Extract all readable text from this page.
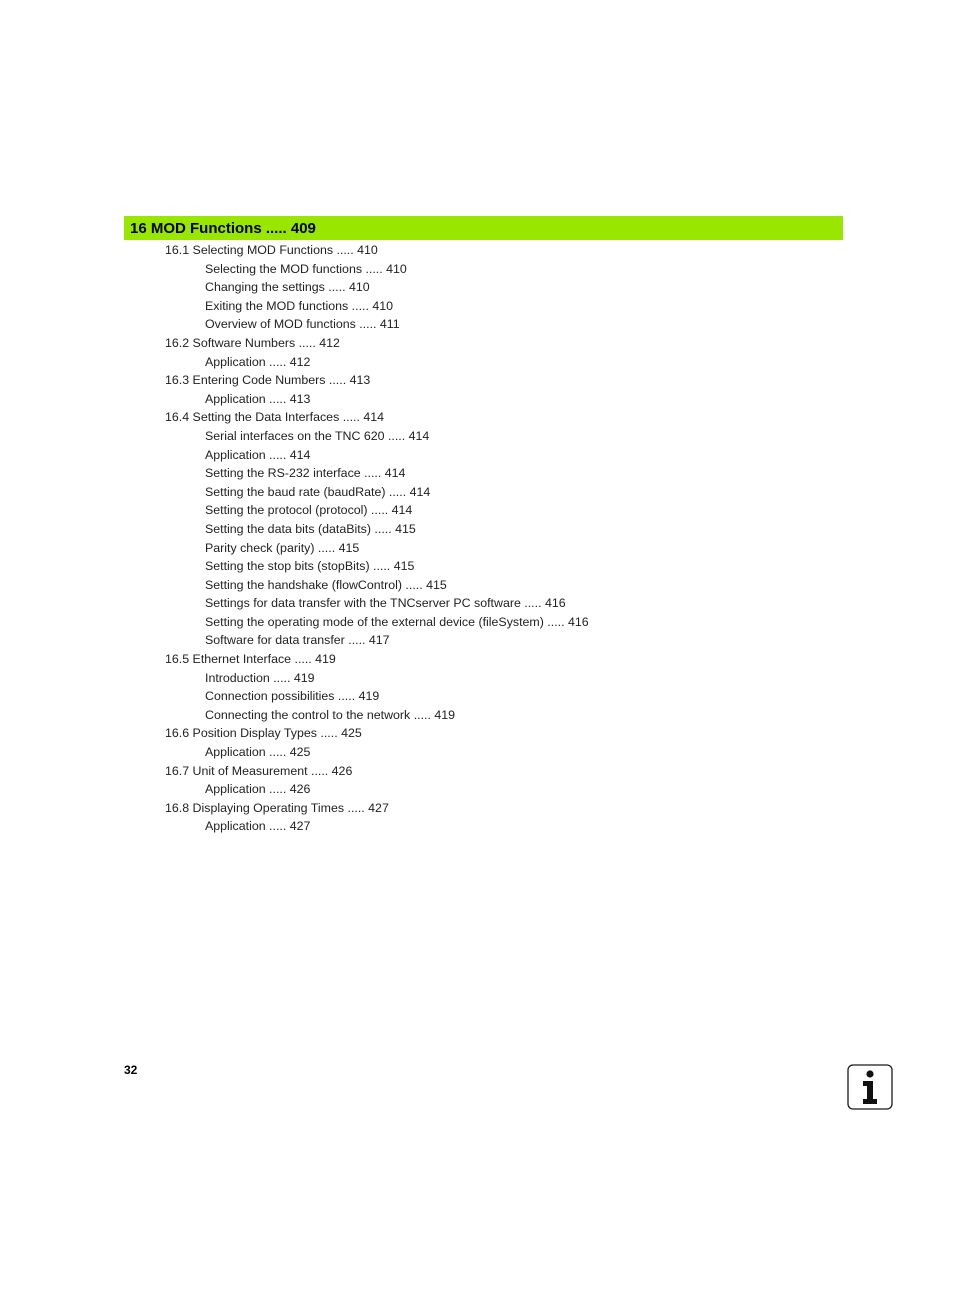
16 MOD Functions ..... 409
16.1 Selecting MOD Functions ..... 410
Selecting the MOD functions ..... 410
Changing the settings ..... 410
Exiting the MOD functions ..... 410
Overview of MOD functions ..... 411
16.2 Software Numbers ..... 412
Application ..... 412
16.3 Entering Code Numbers ..... 413
Application ..... 413
16.4 Setting the Data Interfaces ..... 414
Serial interfaces on the TNC 620 ..... 414
Application ..... 414
Setting the RS-232 interface ..... 414
Setting the baud rate (baudRate) ..... 414
Setting the protocol (protocol) ..... 414
Setting the data bits (dataBits) ..... 415
Parity check (parity) ..... 415
Setting the stop bits (stopBits) ..... 415
Setting the handshake (flowControl) ..... 415
Settings for data transfer with the TNCserver PC software ..... 416
Setting the operating mode of the external device (fileSystem) ..... 416
Software for data transfer ..... 417
16.5 Ethernet Interface ..... 419
Introduction ..... 419
Connection possibilities ..... 419
Connecting the control to the network ..... 419
16.6 Position Display Types ..... 425
Application ..... 425
16.7 Unit of Measurement ..... 426
Application ..... 426
16.8 Displaying Operating Times ..... 427
Application ..... 427
32
